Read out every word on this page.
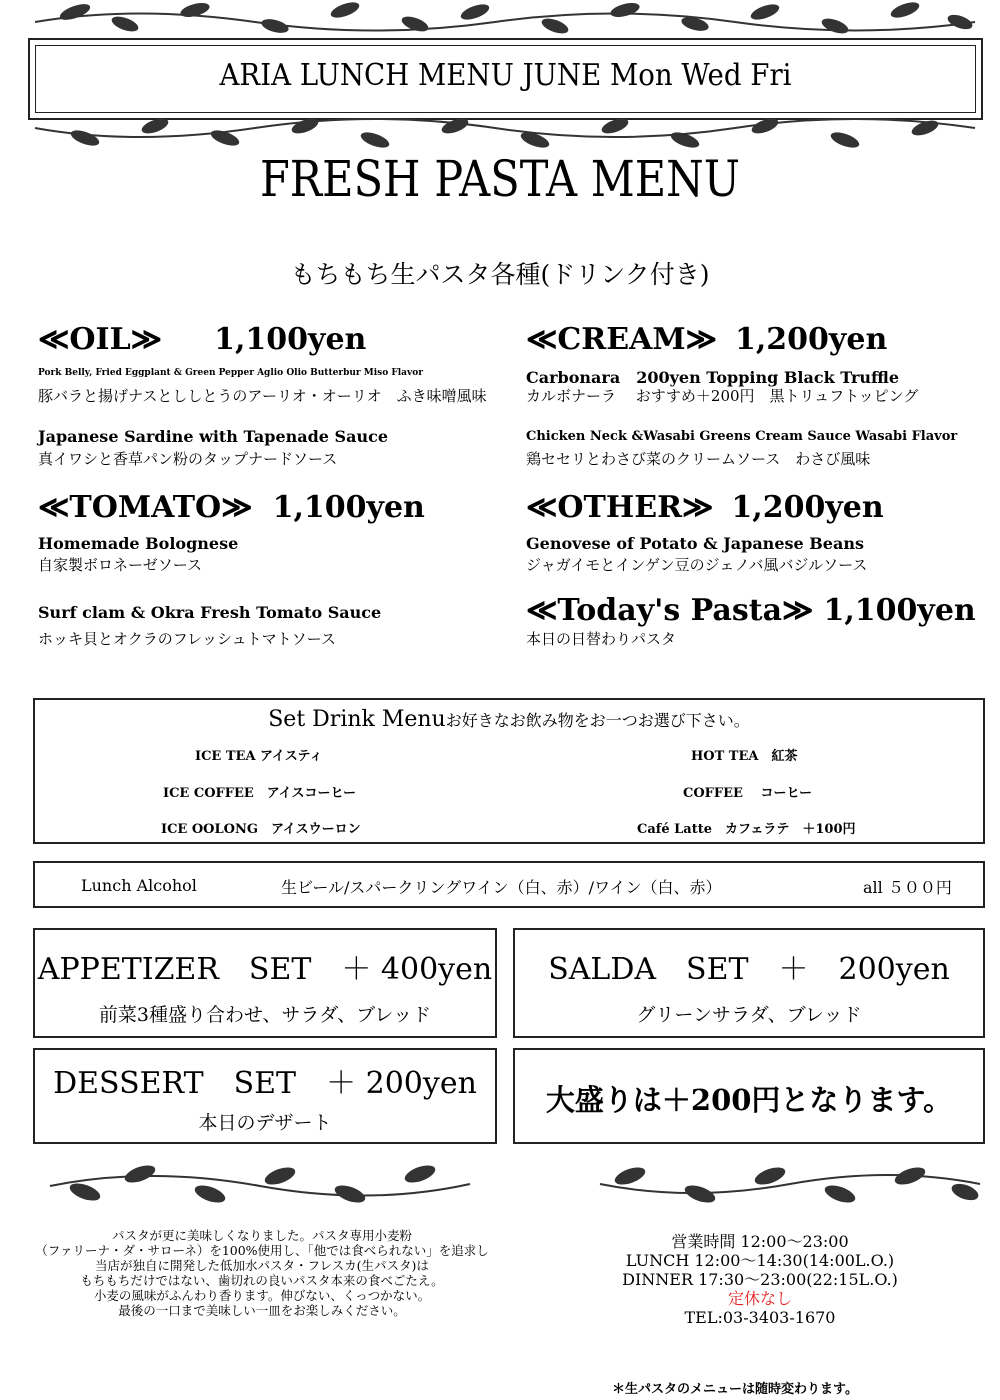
ARIA LUNCH MENU JUNE Mon Wed Fri
FRESH PASTA MENU
もちもち生パスタ各種(ドリンク付き)
≪OIL≫ 1,100yen
Pork Belly, Fried Eggplant & Green Pepper Aglio Olio Butterbur Miso Flavor
豚バラと揚げナスとししとうのアーリオ・オーリオ　ふき味噌風味
Japanese Sardine with Tapenade Sauce
真イワシと香草パン粉のタップナードソース
≪TOMATO≫ 1,100yen
Homemade Bolognese
自家製ボロネーゼソース
Surf clam & Okra Fresh Tomato Sauce
ホッキ貝とオクラのフレッシュトマトソース
≪CREAM≫ 1,200yen
Carbonara　200yen Topping Black Truffle
カルボナーラ　 おすすめ＋200円　黒トリュフトッピング
Chicken Neck &Wasabi Greens Cream Sauce Wasabi Flavor
鶏セセリとわさび菜のクリームソース　わさび風味
≪OTHER≫ 1,200yen
Genovese of Potato & Japanese Beans
ジャガイモとインゲン豆のジェノバ風バジルソース
≪Today's Pasta≫ 1,100yen
本日の日替わりパスタ
Set Drink Menuお好きなお飲み物をお一つお選び下さい。
ICE TEA アイスティ
ICE COFFEE　アイスコーヒー
ICE OOLONG　アイスウーロン
HOT TEA　紅茶
COFFEE　 コーヒー
Café Latte　カフェラテ　＋100円
Lunch Alcohol	生ビール/スパークリングワイン（白、赤）/ワイン（白、赤）	all ５００円
APPETIZER　SET　＋ 400yen
前菜3種盛り合わせ、サラダ、ブレッド
SALDA　SET　＋　200yen
グリーンサラダ、ブレッド
DESSERT　SET　＋ 200yen
本日のデザート
大盛りは＋200円となります。
パスタが更に美味しくなりました。パスタ専用小麦粉
（ファリーナ・ダ・サローネ）を100%使用し、「他では食べられない」を追求し
当店が独自に開発した低加水パスタ・フレスカ(生パスタ)は
もちもちだけではない、歯切れの良いパスタ本来の食べごたえ。
小麦の風味がふんわり香ります。伸びない、くっつかない。
最後の一口まで美味しい一皿をお楽しみください。
営業時間 12:00～23:00
LUNCH 12:00～14:30(14:00L.O.)
DINNER 17:30～23:00(22:15L.O.)
定休なし
TEL:03-3403-1670
＊生パスタのメニューは随時変わります。
